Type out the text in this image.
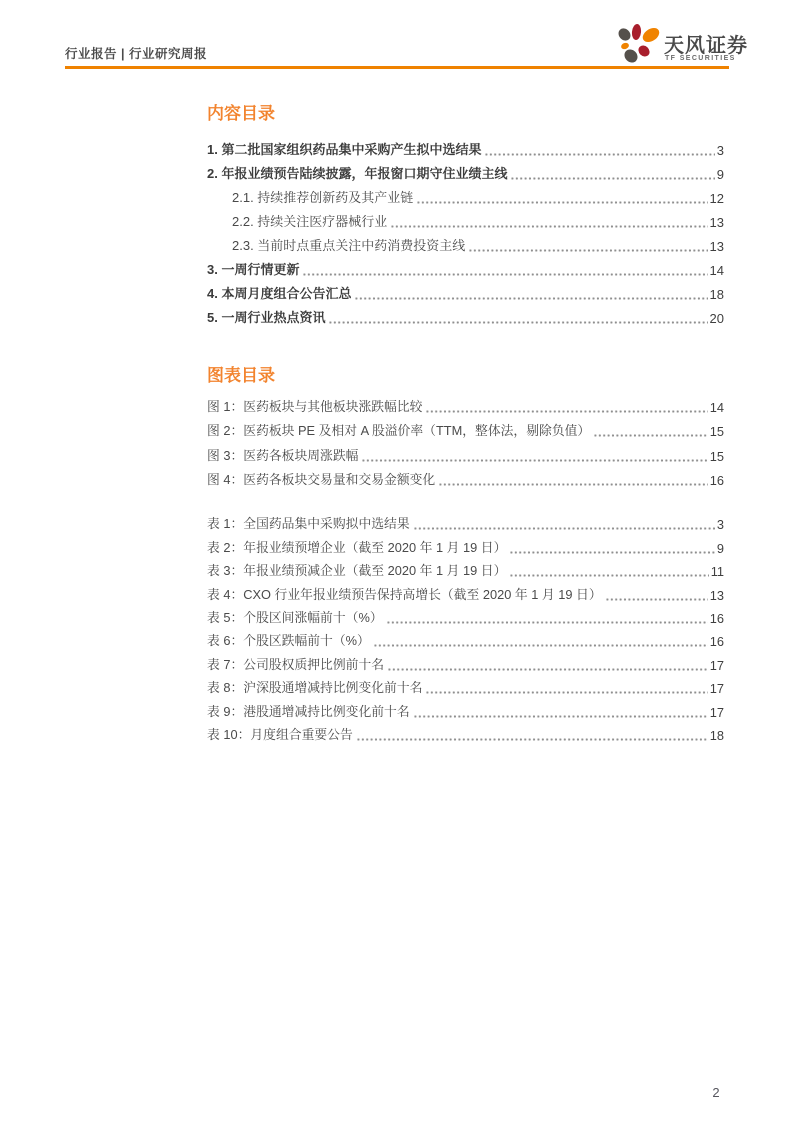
行业报告 | 行业研究周报	天风证券
TF SECURITIES
内容目录
1. 第二批国家组织药品集中采购产生拟中选结果	3
2. 年报业绩预告陆续披露，年报窗口期守住业绩主线	9
2.1. 持续推荐创新药及其产业链	12
2.2. 持续关注医疗器械行业	13
2.3. 当前时点重点关注中药消费投资主线	13
3. 一周行情更新	14
4. 本周月度组合公告汇总	18
5. 一周行业热点资讯	20
图表目录
图 1：医药板块与其他板块涨跌幅比较	14
图 2：医药板块 PE 及相对 A 股溢价率（TTM，整体法，剔除负值）	15
图 3：医药各板块周涨跌幅	15
图 4：医药各板块交易量和交易金额变化	16
表 1：全国药品集中采购拟中选结果	3
表 2：年报业绩预增企业（截至 2020 年 1 月 19 日）	9
表 3：年报业绩预减企业（截至 2020 年 1 月 19 日）	11
表 4：CXO 行业年报业绩预告保持高增长（截至 2020 年 1 月 19 日）	13
表 5：个股区间涨幅前十（%）	16
表 6：个股区跌幅前十（%）	16
表 7：公司股权质押比例前十名	17
表 8：沪深股通增减持比例变化前十名	17
表 9：港股通增减持比例变化前十名	17
表 10：月度组合重要公告	18
2
